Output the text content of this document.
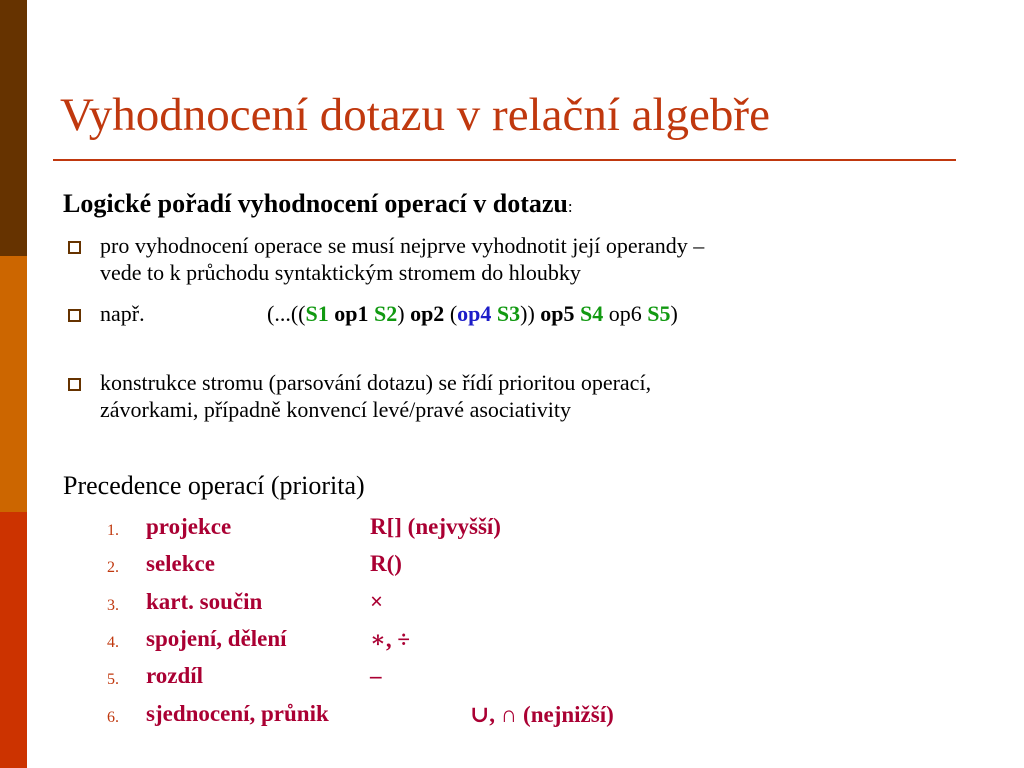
Vyhodnocení dotazu v relační algebře
Logické pořadí vyhodnocení operací v dotazu:
pro vyhodnocení operace se musí nejprve vyhodnotit její operandy –
vede to k průchodu syntaktickým stromem do hloubky
např.	(...((S1 op1 S2) op2 (op4 S3)) op5 S4 op6 S5)
konstrukce stromu (parsování dotazu) se řídí prioritou operací,
závorkami, případně konvencí levé/pravé asociativity
Precedence operací (priorita)
1.	projekce	R[] (nejvyšší)
2.	selekce	R()
3.	kart. součin	×
4.	spojení, dělení	∗, ÷
5.	rozdíl	–
6.	sjednocení, průnik	∪, ∩ (nejnižší)
